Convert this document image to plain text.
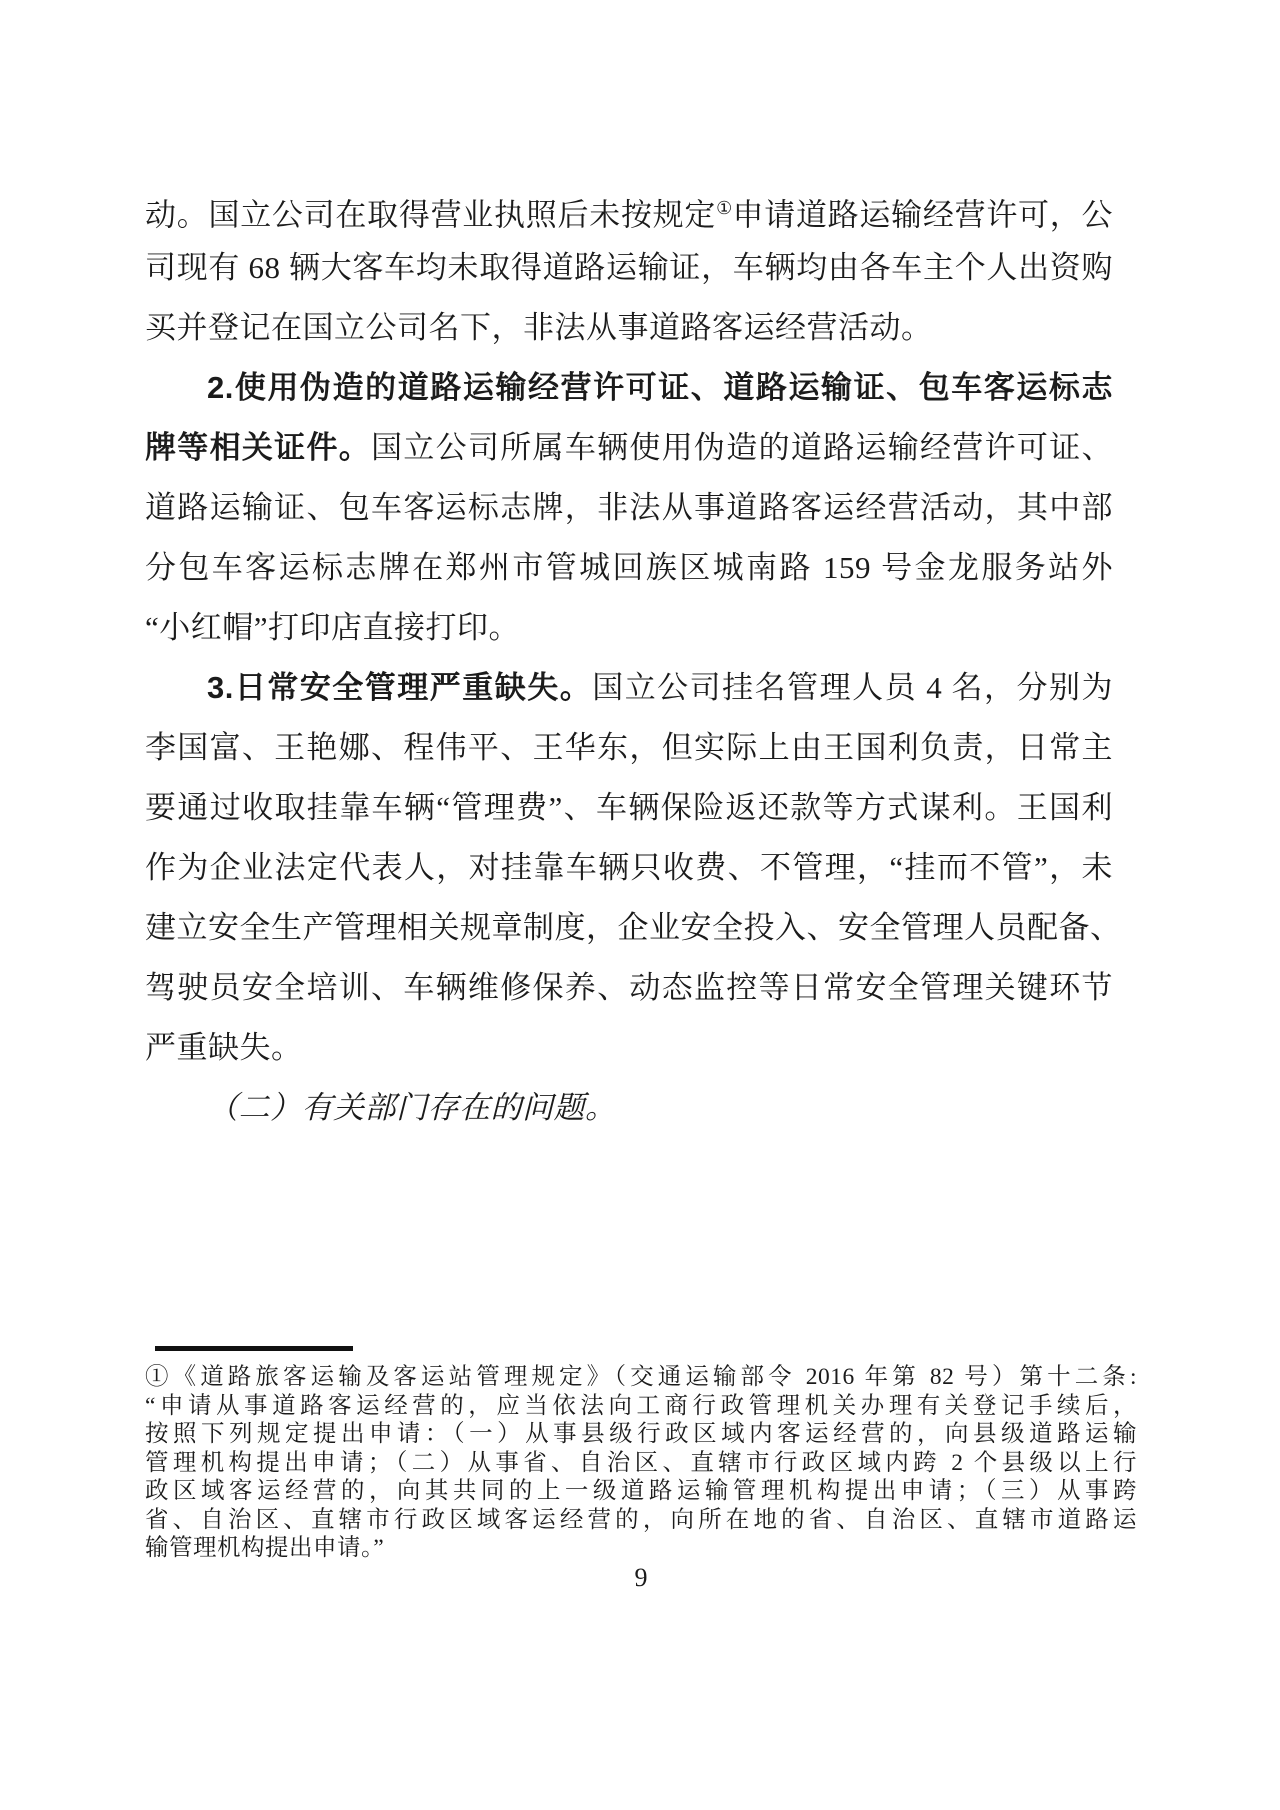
动。国立公司在取得营业执照后未按规定①申请道路运输经营许可，公
司现有 68 辆大客车均未取得道路运输证，车辆均由各车主个人出资购
买并登记在国立公司名下，非法从事道路客运经营活动。
2.使用伪造的道路运输经营许可证、道路运输证、包车客运标志
牌等相关证件。国立公司所属车辆使用伪造的道路运输经营许可证、
道路运输证、包车客运标志牌，非法从事道路客运经营活动，其中部
分包车客运标志牌在郑州市管城回族区城南路 159 号金龙服务站外
“小红帽”打印店直接打印。
3.日常安全管理严重缺失。国立公司挂名管理人员 4 名，分别为
李国富、王艳娜、程伟平、王华东，但实际上由王国利负责，日常主
要通过收取挂靠车辆“管理费”、车辆保险返还款等方式谋利。王国利
作为企业法定代表人，对挂靠车辆只收费、不管理，“挂而不管”，未
建立安全生产管理相关规章制度，企业安全投入、安全管理人员配备、
驾驶员安全培训、车辆维修保养、动态监控等日常安全管理关键环节
严重缺失。
（二）有关部门存在的问题。
①《道路旅客运输及客运站管理规定》（交通运输部令 2016 年第 82 号）第十二条:
“申请从事道路客运经营的，应当依法向工商行政管理机关办理有关登记手续后，
按照下列规定提出申请：（一）从事县级行政区域内客运经营的，向县级道路运输
管理机构提出申请；（二）从事省、自治区、直辖市行政区域内跨 2 个县级以上行
政区域客运经营的，向其共同的上一级道路运输管理机构提出申请；（三）从事跨
省、自治区、直辖市行政区域客运经营的，向所在地的省、自治区、直辖市道路运
输管理机构提出申请。”
9
